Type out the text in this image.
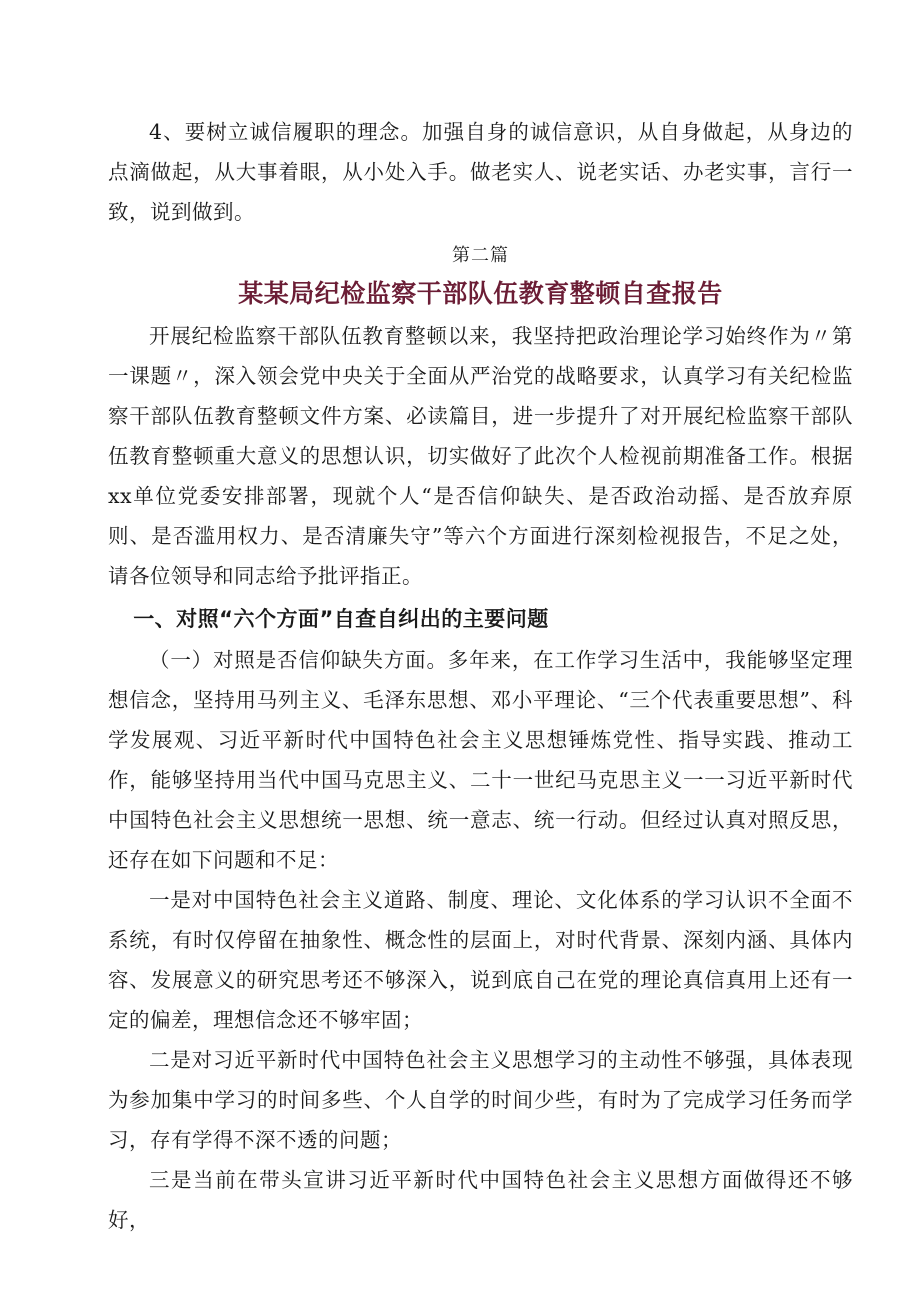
4、要树立诚信履职的理念。加强自身的诚信意识，从自身做起，从身边的点滴做起，从大事着眼，从小处入手。做老实人、说老实话、办老实事，言行一致，说到做到。

第二篇

某某局纪检监察干部队伍教育整顿自查报告

开展纪检监察干部队伍教育整顿以来，我坚持把政治理论学习始终作为〃第一课题〃，深入领会党中央关于全面从严治党的战略要求，认真学习有关纪检监察干部队伍教育整顿文件方案、必读篇目，进一步提升了对开展纪检监察干部队伍教育整顿重大意义的思想认识，切实做好了此次个人检视前期准备工作。根据xx单位党委安排部署，现就个人“是否信仰缺失、是否政治动摇、是否放弃原则、是否滥用权力、是否清廉失守”等六个方面进行深刻检视报告，不足之处，请各位领导和同志给予批评指正。

一、对照“六个方面”自查自纠出的主要问题

（一）对照是否信仰缺失方面。多年来，在工作学习生活中，我能够坚定理想信念，坚持用马列主义、毛泽东思想、邓小平理论、“三个代表重要思想”、科学发展观、习近平新时代中国特色社会主义思想锤炼党性、指导实践、推动工作，能够坚持用当代中国马克思主义、二十一世纪马克思主义一一习近平新时代中国特色社会主义思想统一思想、统一意志、统一行动。但经过认真对照反思，还存在如下问题和不足：

一是对中国特色社会主义道路、制度、理论、文化体系的学习认识不全面不系统，有时仅停留在抽象性、概念性的层面上，对时代背景、深刻内涵、具体内容、发展意义的研究思考还不够深入，说到底自己在党的理论真信真用上还有一定的偏差，理想信念还不够牢固；

二是对习近平新时代中国特色社会主义思想学习的主动性不够强，具体表现为参加集中学习的时间多些、个人自学的时间少些，有时为了完成学习任务而学习，存有学得不深不透的问题；

三是当前在带头宣讲习近平新时代中国特色社会主义思想方面做得还不够好，
